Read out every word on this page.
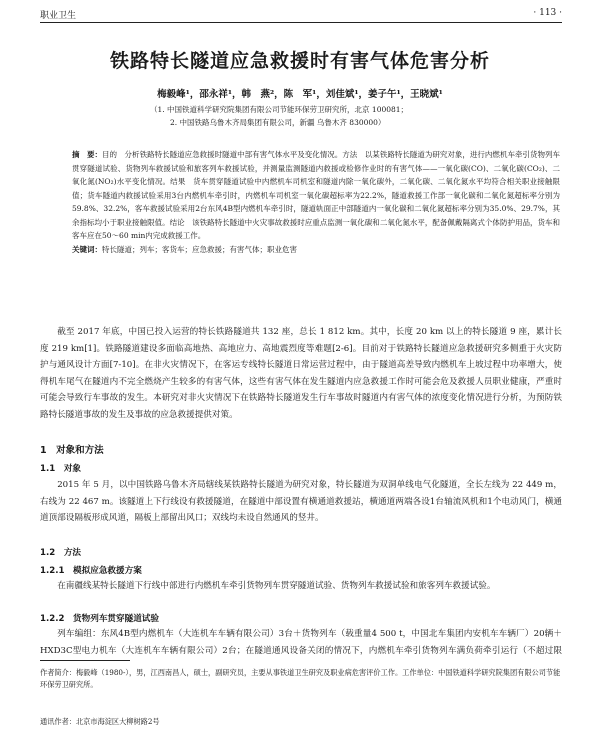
职业卫生	· 113 ·
铁路特长隧道应急救援时有害气体危害分析
梅毅峰¹，邵永祥¹，韩　燕²，陈　军¹，刘佳斌¹，姜子午¹，王晓斌¹
（1. 中国铁道科学研究院集团有限公司节能环保劳卫研究所，北京 100081；
2. 中国铁路乌鲁木齐局集团有限公司，新疆 乌鲁木齐 830000）

摘　要：目的　分析铁路特长隧道应急救援时隧道中部有害气体水平及变化情况。方法　以某铁路特长隧道为研究对象，进行内燃机车牵引货物列车贯穿隧道试验、货物列车救援试验和旅客列车救援试验，并测量监测隧道内救援或检修作业时的有害气体——一氧化碳(CO)、二氧化碳(CO₂)、二氧化氮(NO₂)水平变化情况。结果　货车贯穿隧道试验中内燃机车司机室和隧道内除一氧化碳外，二氧化碳、二氧化氮水平均符合相关职业接触限值；货车隧道内救援试验采用3台内燃机车牵引时，内燃机车司机室一氧化碳超标率为22.2%，隧道救援工作部一氧化碳和二氧化氮超标率分别为59.8%、32.2%，客车救援试验采用2台东风4B型内燃机车牵引时，隧道轨面正中部隧道内一氧化碳和二氧化氮超标率分别为35.0%、29.7%，其余指标均小于职业接触限值。结论　该铁路特长隧道中火灾事故救援时应重点监测一氧化碳和二氧化氮水平，配备佩戴隔离式个体防护用品，货车和客车应在50～60 min内完成救援工作。

关键词：特长隧道；列车；客货车；应急救援；有害气体；职业危害

截至 2017 年底，中国已投入运营的特长铁路隧道共 132 座，总长 1 812 km。其中，长度 20 km 以上的特长隧道 9 座，累计长度 219 km[1]。铁路隧道建设多面临高地热、高地应力、高地震烈度等难题[2-6]。目前对于铁路特长隧道应急救援研究多侧重于火灾防护与通风设计方面[7-10]。在非火灾情况下，在客运专线特长隧道日常运营过程中，由于隧道高差导致内燃机车上坡过程中功率增大，使得机车尾气在隧道内不完全燃烧产生较多的有害气体，这些有害气体在发生隧道内应急救援工作时可能会危及救援人员职业健康，严重时可能会导致行车事故的发生。本研究对非火灾情况下在铁路特长隧道发生行车事故时隧道内有害气体的浓度变化情况进行分析，为预防铁路特长隧道事故的发生及事故的应急救援提供对策。
1　对象和方法
1.1　对象
2015 年 5 月，以中国铁路乌鲁木齐局辖线某铁路特长隧道为研究对象，特长隧道为双洞单线电气化隧道，全长左线为 22 449 m，右线为 22 467 m。该隧道上下行线设有救援隧道，在隧道中部设置有横通道救援站，横通道两端各设1台轴流风机和1个电动风门，横通道顶部设隔板形成风道，隔板上部留出风口；双线均未设自然通风的竖井。
1.2　方法
1.2.1　模拟应急救援方案
在南疆线某特长隧道下行线中部进行内燃机车牵引货物列车贯穿隧道试验、货物列车救援试验和旅客列车救援试验。
1.2.2　货物列车贯穿隧道试验
列车编组：东风4B型内燃机车（大连机车车辆有限公司）3台＋货物列车（载重量4 500 t，中国北车集团内安机车车辆厂）20辆＋HXD3C型电力机车（大连机车车辆有限公司）2台；在隧道通风设备关闭的情况下，内燃机车牵引货物列车满负荷牵引运行（不超过限
作者简介：梅毅峰（1980-），男，江西南昌人，硕士，副研究员，主要从事铁道卫生研究及职业病危害评价工作。工作单位：中国铁道科学研究院集团有限公司节能环保劳卫研究所。
通讯作者：北京市海淀区大柳树路2号
